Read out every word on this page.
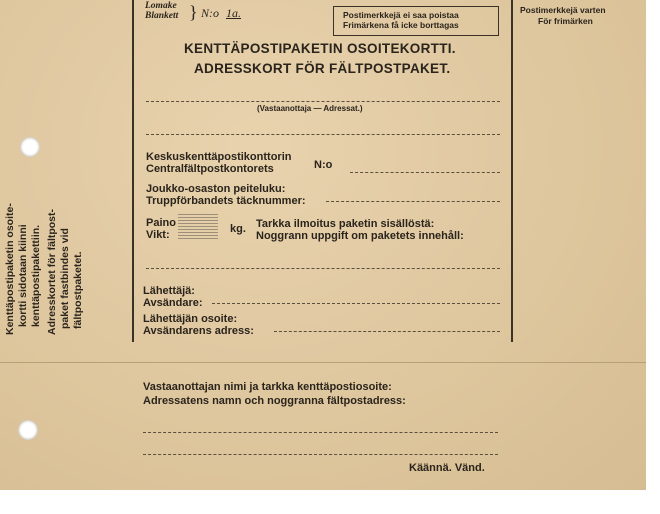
Lomake
Blankett } N:o 1a.	Postimerkkejä ei saa poistaa
Frimärkena få icke borttagas
Postimerkkejä varten
För frimärken
KENTTÄPOSTIPAKETIN OSOITEKORTTI.
ADRESSKORT FÖR FÄLTPOSTPAKET.
(Vastaanottaja — Adressat.)
Keskuskenttäpostikonttorin
Centralfältpostkontorets	N:o
Joukko-osaston peiteluku:
Truppförbandets täcknummer:
Paino
Vikt:	kg. Tarkka ilmoitus paketin sisällöstä:
Noggrann uppgift om paketets innehåll:
Lähettäjä:
Avsändare:
Lähettäjän osoite:
Avsändarens adress:
Kenttäpostipaketin osoite- kortti sidotaan kiinni kenttäpostipakettiin. Adresskortet för fältpost- paket fastbindes vid fältpostpaketet.
Vastaanottajan nimi ja tarkka kenttäpostiosoite:
Adressatens namn och noggranna fältpostadress:
Käännä. Vänd.
